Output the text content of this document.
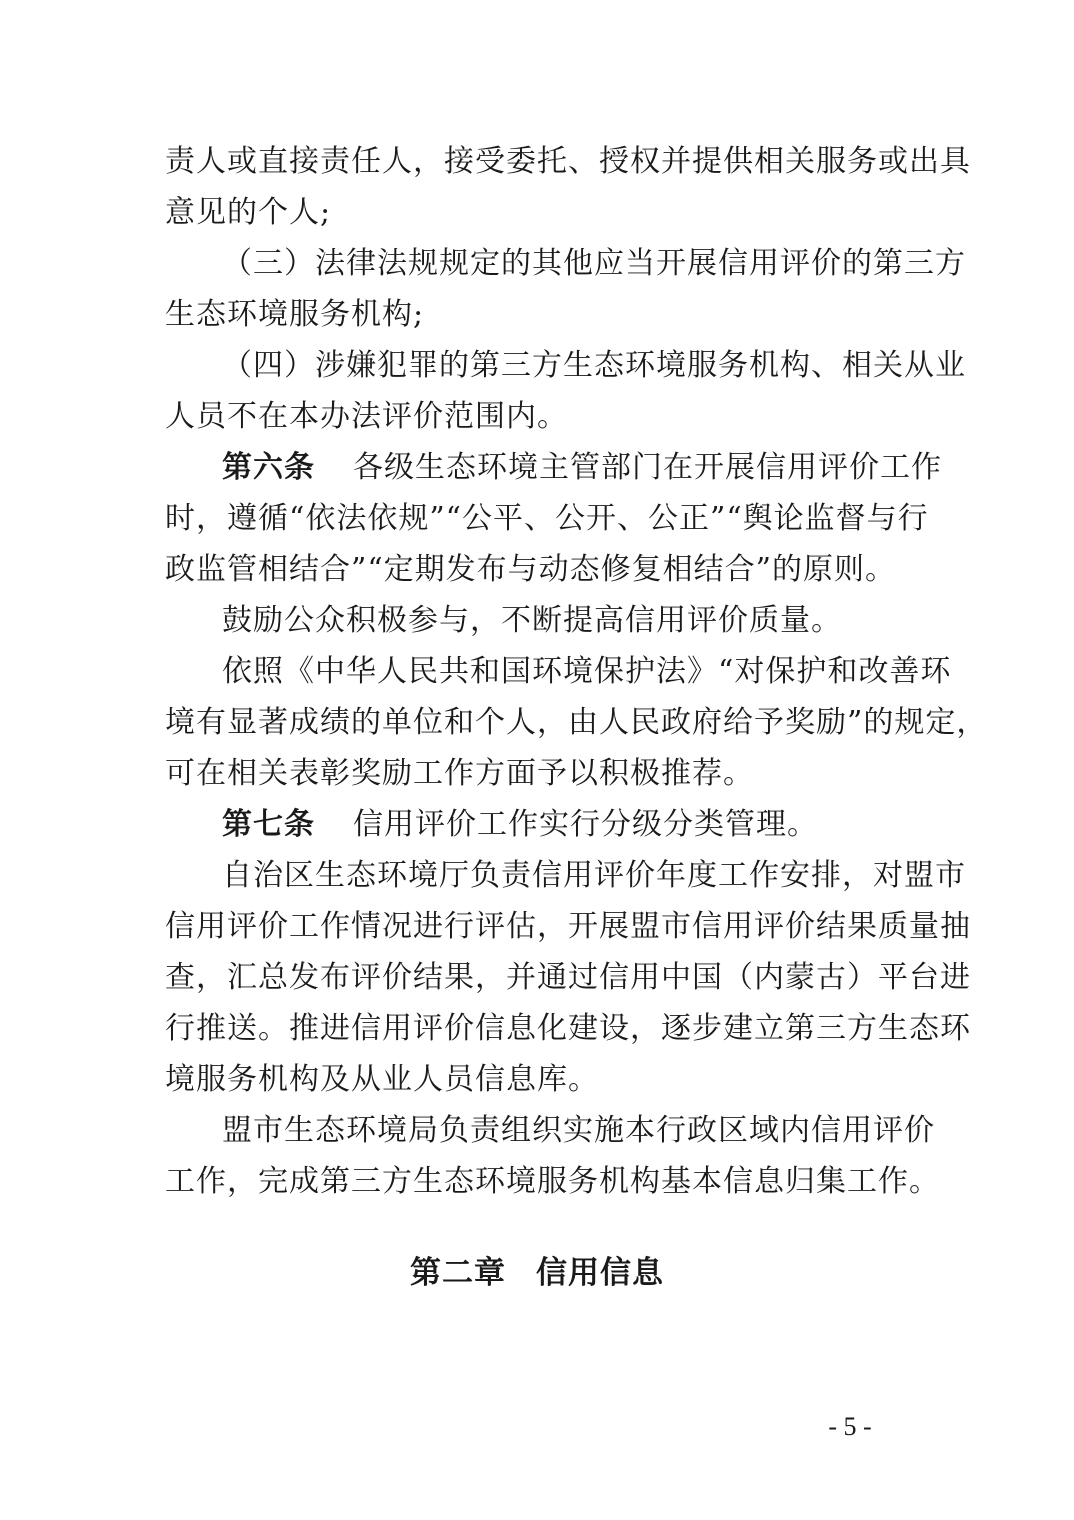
责人或直接责任人，接受委托、授权并提供相关服务或出具
意见的个人;
（三）法律法规规定的其他应当开展信用评价的第三方
生态环境服务机构;
（四）涉嫌犯罪的第三方生态环境服务机构、相关从业
人员不在本办法评价范围内。
第六条 各级生态环境主管部门在开展信用评价工作
时，遵循“依法依规”“公平、公开、公正”“舆论监督与行
政监管相结合”“定期发布与动态修复相结合”的原则。
鼓励公众积极参与，不断提高信用评价质量。
依照《中华人民共和国环境保护法》“对保护和改善环
境有显著成绩的单位和个人，由人民政府给予奖励”的规定，
可在相关表彰奖励工作方面予以积极推荐。
第七条 信用评价工作实行分级分类管理。
自治区生态环境厅负责信用评价年度工作安排，对盟市
信用评价工作情况进行评估，开展盟市信用评价结果质量抽
查，汇总发布评价结果，并通过信用中国（内蒙古）平台进
行推送。推进信用评价信息化建设，逐步建立第三方生态环
境服务机构及从业人员信息库。
盟市生态环境局负责组织实施本行政区域内信用评价
工作，完成第三方生态环境服务机构基本信息归集工作。
第二章 信用信息
- 5 -
